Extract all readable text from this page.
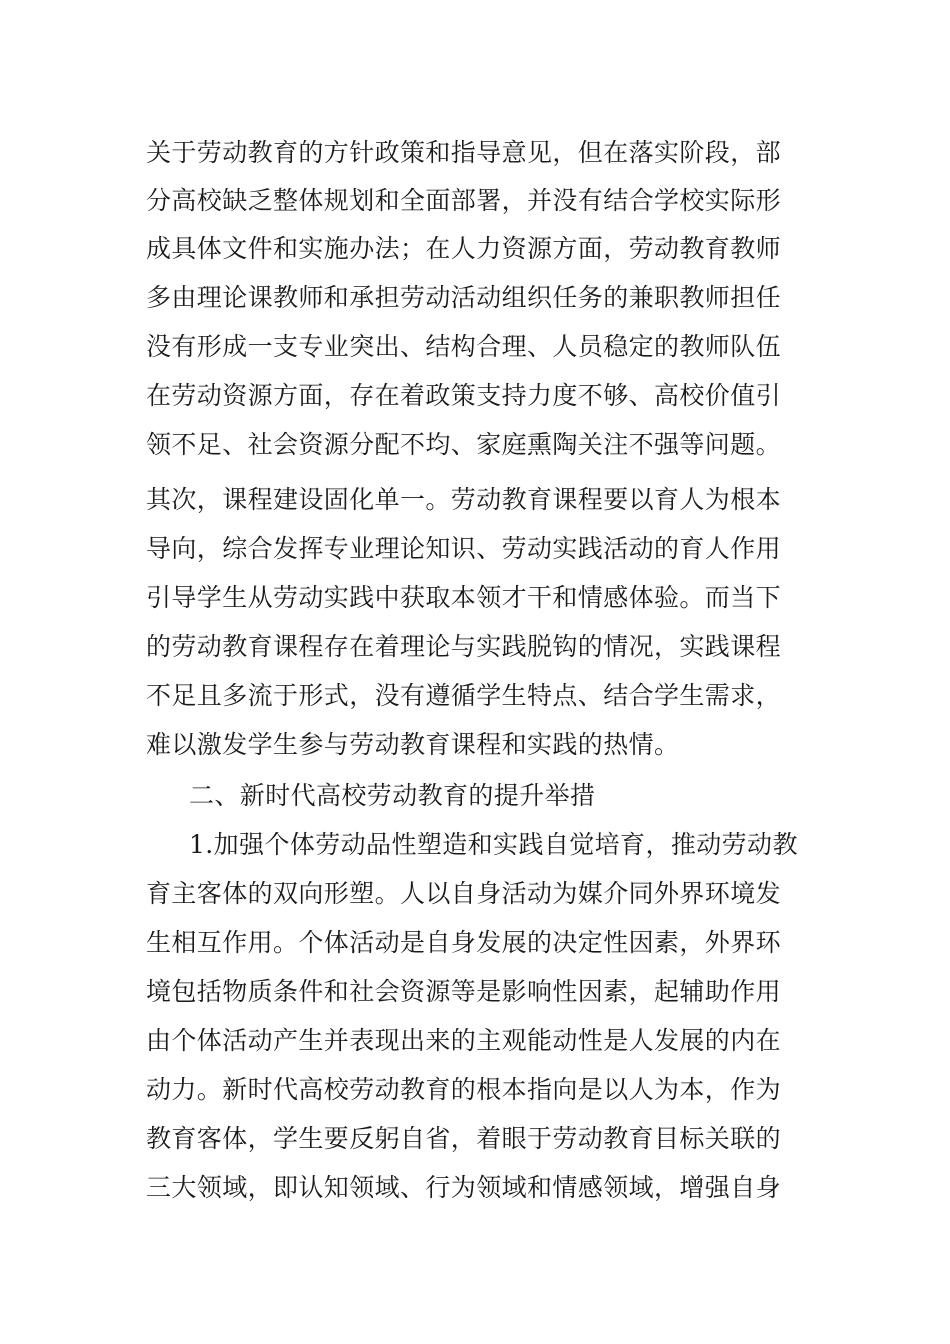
关于劳动教育的方针政策和指导意见，但在落实阶段，部
分高校缺乏整体规划和全面部署，并没有结合学校实际形
成具体文件和实施办法；在人力资源方面，劳动教育教师
多由理论课教师和承担劳动活动组织任务的兼职教师担任
没有形成一支专业突出、结构合理、人员稳定的教师队伍
在劳动资源方面，存在着政策支持力度不够、高校价值引
领不足、社会资源分配不均、家庭熏陶关注不强等问题。
其次，课程建设固化单一。劳动教育课程要以育人为根本
导向，综合发挥专业理论知识、劳动实践活动的育人作用
引导学生从劳动实践中获取本领才干和情感体验。而当下
的劳动教育课程存在着理论与实践脱钩的情况，实践课程
不足且多流于形式，没有遵循学生特点、结合学生需求，
难以激发学生参与劳动教育课程和实践的热情。
二、新时代高校劳动教育的提升举措
1.加强个体劳动品性塑造和实践自觉培育，推动劳动教
育主客体的双向形塑。人以自身活动为媒介同外界环境发
生相互作用。个体活动是自身发展的决定性因素，外界环
境包括物质条件和社会资源等是影响性因素，起辅助作用
由个体活动产生并表现出来的主观能动性是人发展的内在
动力。新时代高校劳动教育的根本指向是以人为本，作为
教育客体，学生要反躬自省，着眼于劳动教育目标关联的
三大领域，即认知领域、行为领域和情感领域，增强自身
